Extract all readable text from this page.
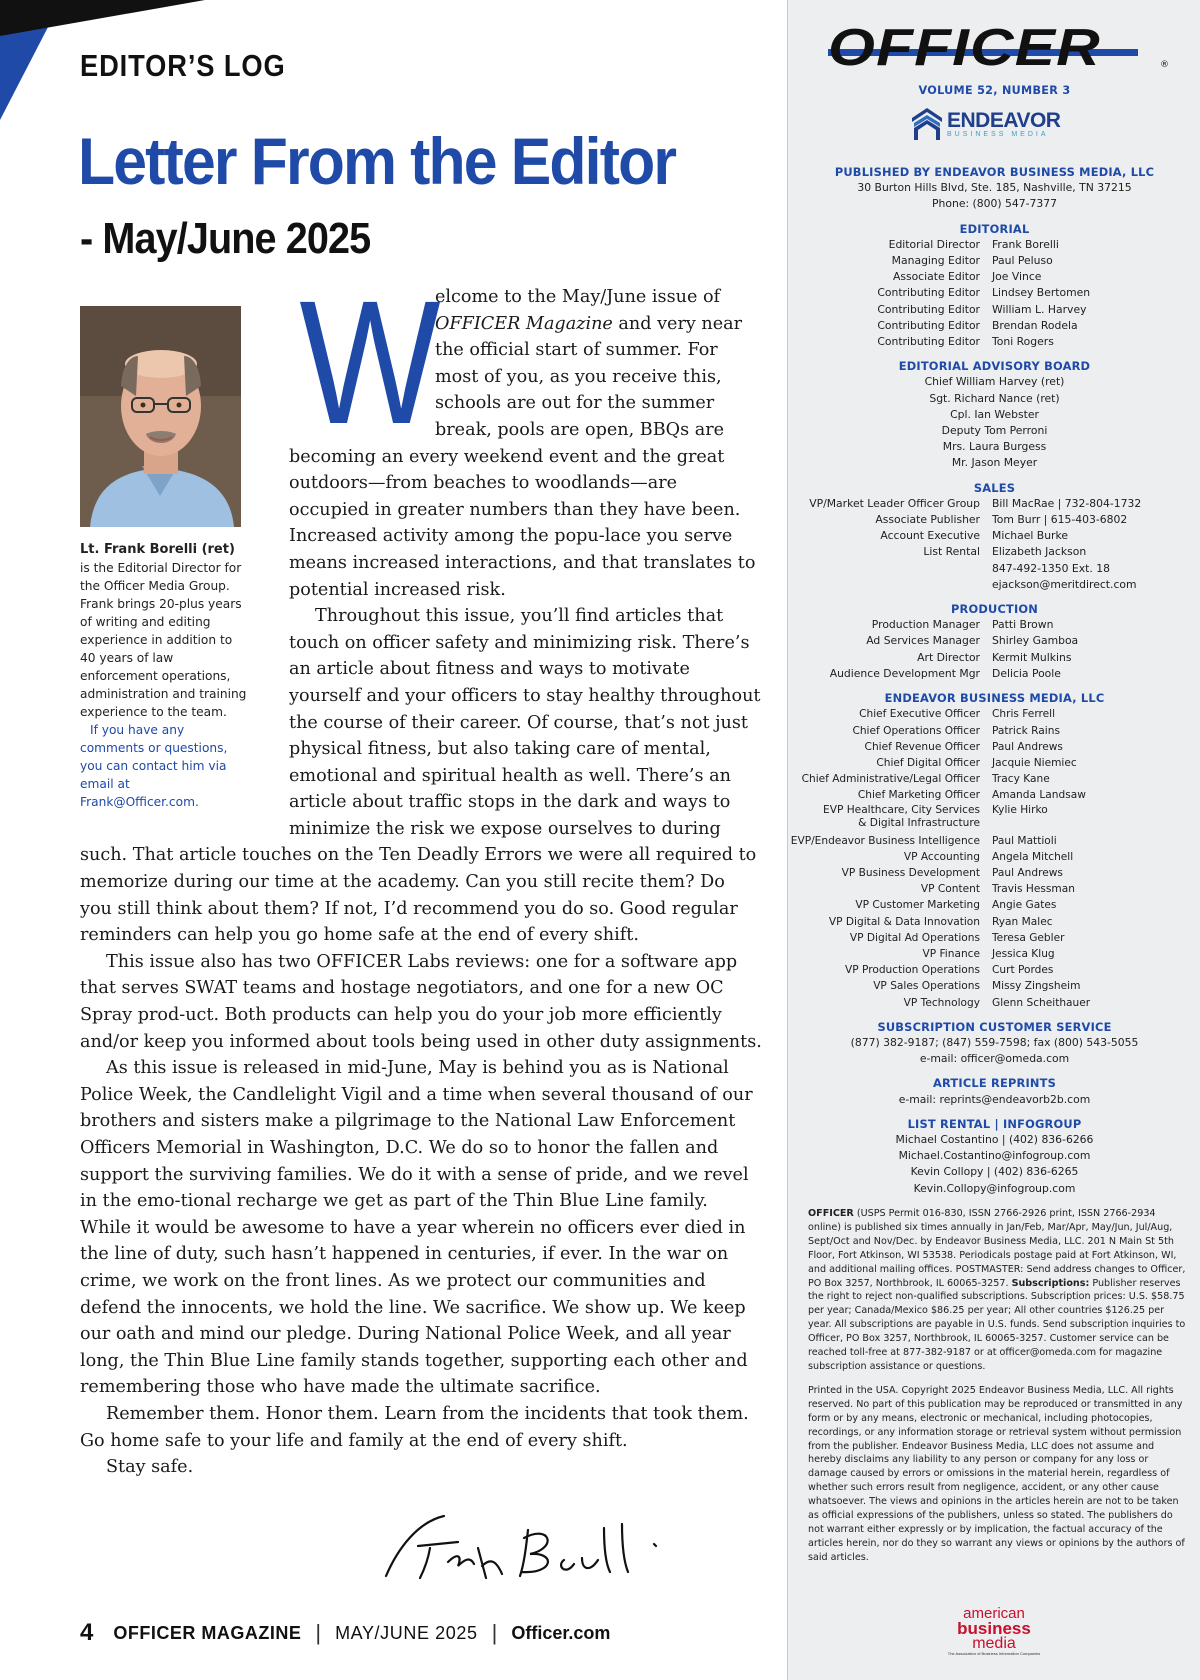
EDITOR’S LOG
Letter From the Editor
- May/June 2025
Lt. Frank Borelli (ret)
is the Editorial Director for the Officer Media Group. Frank brings 20-plus years of writing and editing experience in addition to 40 years of law enforcement operations, administration and training experience to the team.
If you have any comments or questions, you can contact him via email at Frank@Officer.com.
W

elcome to the May/June issue of OFFICER Magazine and very near the official start of summer. For most of you, as you receive this, schools are out for the summer break, pools are open, BBQs are becoming an every weekend event and the great outdoors—from beaches to woodlands—are occupied in greater numbers than they have been. Increased activity among the popu-lace you serve means increased interactions, and that translates to potential increased risk.

Throughout this issue, you’ll find articles that touch on officer safety and minimizing risk. There’s an article about fitness and ways to motivate yourself and your officers to stay healthy throughout the course of their career. Of course, that’s not just physical fitness, but also taking care of mental, emotional and spiritual health as well. There’s an article about traffic stops in the dark and ways to minimize the risk we expose ourselves to during such. That article touches on the Ten Deadly Errors we were all required to memorize during our time at the academy. Can you still recite them? Do you still think about them? If not, I’d recommend you do so. Good regular reminders can help you go home safe at the end of every shift.

This issue also has two OFFICER Labs reviews: one for a software app that serves SWAT teams and hostage negotiators, and one for a new OC Spray prod-uct. Both products can help you do your job more efficiently and/or keep you informed about tools being used in other duty assignments.

As this issue is released in mid-June, May is behind you as is National Police Week, the Candlelight Vigil and a time when several thousand of our brothers and sisters make a pilgrimage to the National Law Enforcement Officers Memorial in Washington, D.C. We do so to honor the fallen and support the surviving families. We do it with a sense of pride, and we revel in the emo-tional recharge we get as part of the Thin Blue Line family. While it would be awesome to have a year wherein no officers ever died in the line of duty, such hasn’t happened in centuries, if ever. In the war on crime, we work on the front lines. As we protect our communities and defend the innocents, we hold the line. We sacrifice. We show up. We keep our oath and mind our pledge. During National Police Week, and all year long, the Thin Blue Line family stands together, supporting each other and remembering those who have made the ultimate sacrifice.

Remember them. Honor them. Learn from the incidents that took them. Go home safe to your life and family at the end of every shift.

Stay safe.

4 OFFICER MAGAZINE | MAY/JUNE 2025 | Officer.com
OFFICER	®
VOLUME 52, NUMBER 3
ENDEAVOR
BUSINESS MEDIA
PUBLISHED BY ENDEAVOR BUSINESS MEDIA, LLC
30 Burton Hills Blvd, Ste. 185, Nashville, TN 37215
Phone: (800) 547-7377
EDITORIAL
Editorial Director	Frank Borelli
Managing Editor	Paul Peluso
Associate Editor	Joe Vince
Contributing Editor	Lindsey Bertomen
Contributing Editor	William L. Harvey
Contributing Editor	Brendan Rodela
Contributing Editor	Toni Rogers
EDITORIAL ADVISORY BOARD
Chief William Harvey (ret)
Sgt. Richard Nance (ret)
Cpl. Ian Webster
Deputy Tom Perroni
Mrs. Laura Burgess
Mr. Jason Meyer
SALES
VP/Market Leader Officer Group	Bill MacRae | 732-804-1732
Associate Publisher	Tom Burr | 615-403-6802
Account Executive	Michael Burke
List Rental	Elizabeth Jackson
847-492-1350 Ext. 18
ejackson@meritdirect.com
PRODUCTION
Production Manager	Patti Brown
Ad Services Manager	Shirley Gamboa
Art Director	Kermit Mulkins
Audience Development Mgr	Delicia Poole
ENDEAVOR BUSINESS MEDIA, LLC
Chief Executive Officer	Chris Ferrell
Chief Operations Officer	Patrick Rains
Chief Revenue Officer	Paul Andrews
Chief Digital Officer	Jacquie Niemiec
Chief Administrative/Legal Officer	Tracy Kane
Chief Marketing Officer	Amanda Landsaw
EVP Healthcare, City Services	Kylie Hirko
& Digital Infrastructure
EVP/Endeavor Business Intelligence	Paul Mattioli
VP Accounting	Angela Mitchell
VP Business Development	Paul Andrews
VP Content	Travis Hessman
VP Customer Marketing	Angie Gates
VP Digital & Data Innovation	Ryan Malec
VP Digital Ad Operations	Teresa Gebler
VP Finance	Jessica Klug
VP Production Operations	Curt Pordes
VP Sales Operations	Missy Zingsheim
VP Technology	Glenn Scheithauer
SUBSCRIPTION CUSTOMER SERVICE
(877) 382-9187; (847) 559-7598; fax (800) 543-5055
e-mail: officer@omeda.com
ARTICLE REPRINTS
e-mail: reprints@endeavorb2b.com
LIST RENTAL | INFOGROUP
Michael Costantino | (402) 836-6266
Michael.Costantino@infogroup.com
Kevin Collopy | (402) 836-6265
Kevin.Collopy@infogroup.com

OFFICER (USPS Permit 016-830, ISSN 2766-2926 print, ISSN 2766-2934 online) is published six times annually in Jan/Feb, Mar/Apr, May/Jun, Jul/Aug, Sept/Oct and Nov/Dec. by Endeavor Business Media, LLC. 201 N Main St 5th Floor, Fort Atkinson, WI 53538. Periodicals postage paid at Fort Atkinson, WI, and additional mailing offices. POSTMASTER: Send address changes to Officer, PO Box 3257, Northbrook, IL 60065-3257. Subscriptions: Publisher reserves the right to reject non-qualified subscriptions. Subscription prices: U.S. $58.75 per year; Canada/Mexico $86.25 per year; All other countries $126.25 per year. All subscriptions are payable in U.S. funds. Send subscription inquiries to Officer, PO Box 3257, Northbrook, IL 60065-3257. Customer service can be reached toll-free at 877-382-9187 or at officer@omeda.com for magazine subscription assistance or questions.

Printed in the USA. Copyright 2025 Endeavor Business Media, LLC. All rights reserved. No part of this publication may be reproduced or transmitted in any form or by any means, electronic or mechanical, including photocopies, recordings, or any information storage or retrieval system without permission from the publisher. Endeavor Business Media, LLC does not assume and hereby disclaims any liability to any person or company for any loss or damage caused by errors or omissions in the material herein, regardless of whether such errors result from negligence, accident, or any other cause whatsoever. The views and opinions in the articles herein are not to be taken as official expressions of the publishers, unless so stated. The publishers do not warrant either expressly or by implication, the factual accuracy of the articles herein, nor do they so warrant any views or opinions by the authors of said articles.

american
business
media
The Association of Business Information Companies
